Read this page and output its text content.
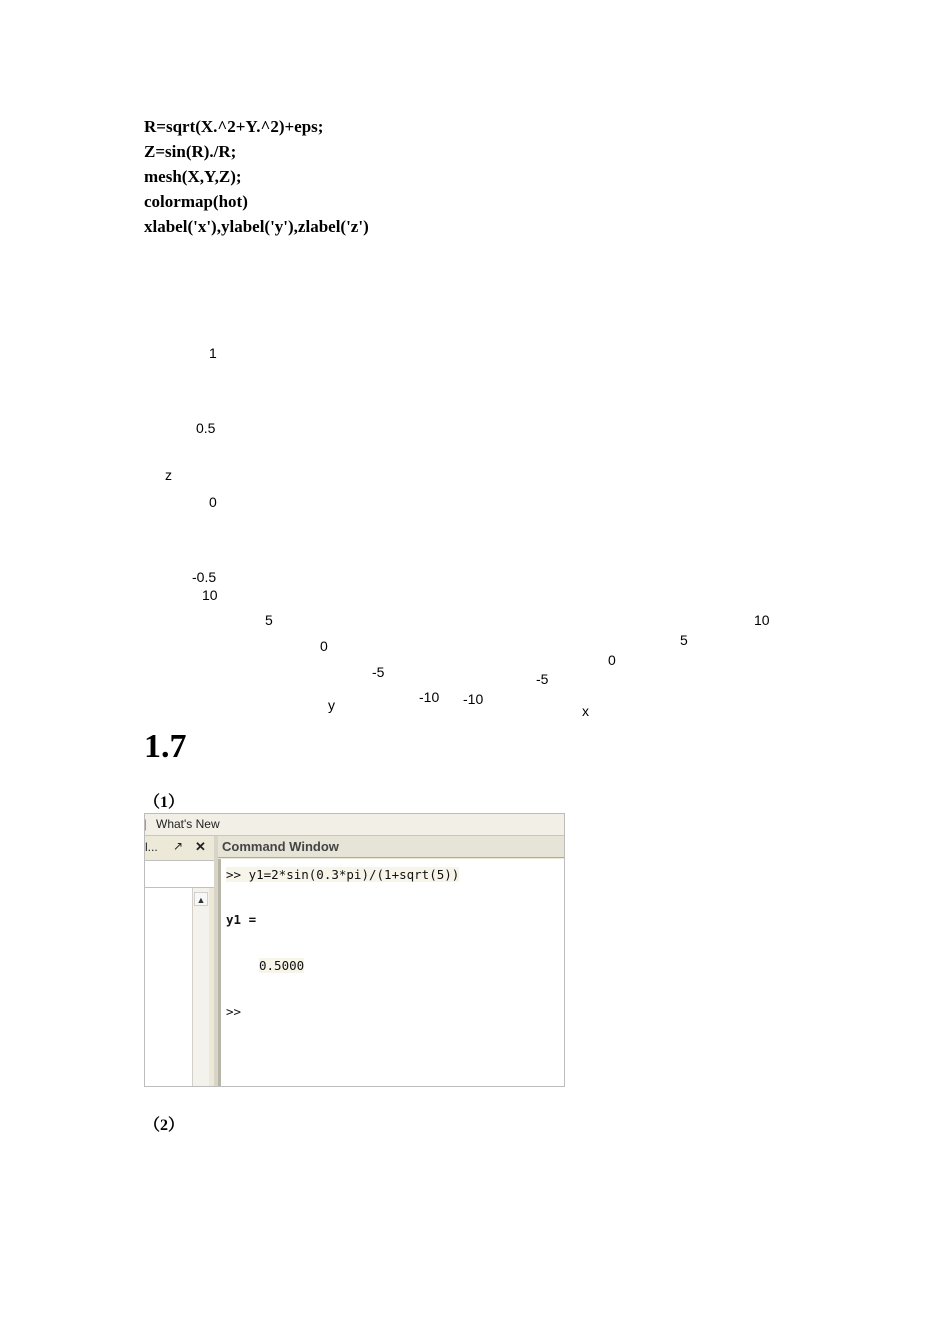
R=sqrt(X.^2+Y.^2)+eps;
Z=sin(R)./R;
mesh(X,Y,Z);
colormap(hot)
xlabel('x'),ylabel('y'),zlabel('z')
1
0.5
z
0
-0.5
10
5
0
-5
-10
y	-10
-5
0
5
10
x
1.7
（1）
What's New
l... ↗ ✕
▲
Command Window
>> y1=2*sin(0.3*pi)/(1+sqrt(5))
y1 =
0.5000
>>
（2）
